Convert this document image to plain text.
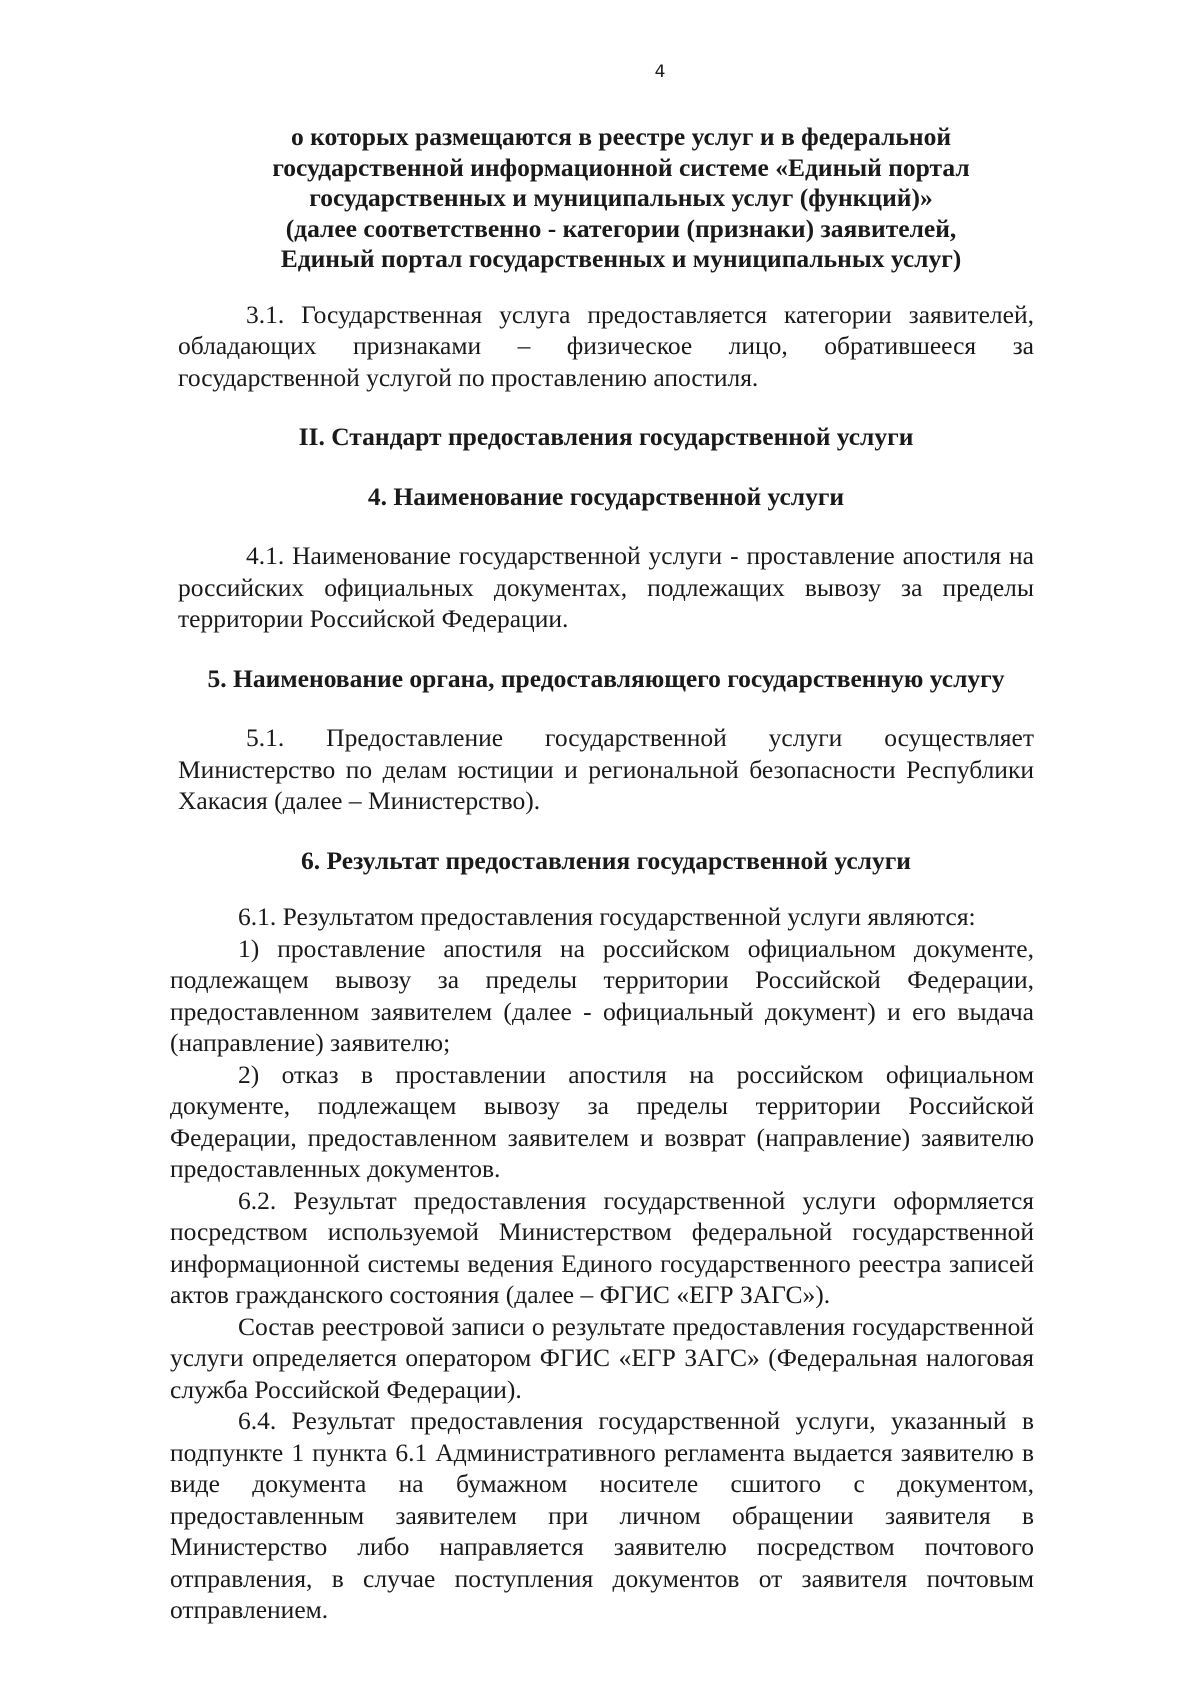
4
о которых размещаются в реестре услуг и в федеральной
государственной информационной системе «Единый портал
государственных и муниципальных услуг (функций)»
(далее соответственно - категории (признаки) заявителей,
Единый портал государственных и муниципальных услуг)

3.1. Государственная услуга предоставляется категории заявителей, обладающих признаками – физическое лицо, обратившееся за государственной услугой по проставлению апостиля.

II. Стандарт предоставления государственной услуги

4. Наименование государственной услуги

4.1. Наименование государственной услуги - проставление апостиля на российских официальных документах, подлежащих вывозу за пределы территории Российской Федерации.

5. Наименование органа, предоставляющего государственную услугу

5.1. Предоставление государственной услуги осуществляет Министерство по делам юстиции и региональной безопасности Республики Хакасия (далее – Министерство).

6. Результат предоставления государственной услуги

6.1. Результатом предоставления государственной услуги являются:

1) проставление апостиля на российском официальном документе, подлежащем вывозу за пределы территории Российской Федерации, предоставленном заявителем (далее - официальный документ) и его выдача (направление) заявителю;

2) отказ в проставлении апостиля на российском официальном документе, подлежащем вывозу за пределы территории Российской Федерации, предоставленном заявителем и возврат (направление) заявителю предоставленных документов.

6.2. Результат предоставления государственной услуги оформляется посредством используемой Министерством федеральной государственной информационной системы ведения Единого государственного реестра записей актов гражданского состояния (далее – ФГИС «ЕГР ЗАГС»).

Состав реестровой записи о результате предоставления государственной услуги определяется оператором ФГИС «ЕГР ЗАГС» (Федеральная налоговая служба Российской Федерации).

6.4. Результат предоставления государственной услуги, указанный в подпункте 1 пункта 6.1 Административного регламента выдается заявителю в виде документа на бумажном носителе сшитого с документом, предоставленным заявителем при личном обращении заявителя в Министерство либо направляется заявителю посредством почтового отправления, в случае поступления документов от заявителя почтовым отправлением.
